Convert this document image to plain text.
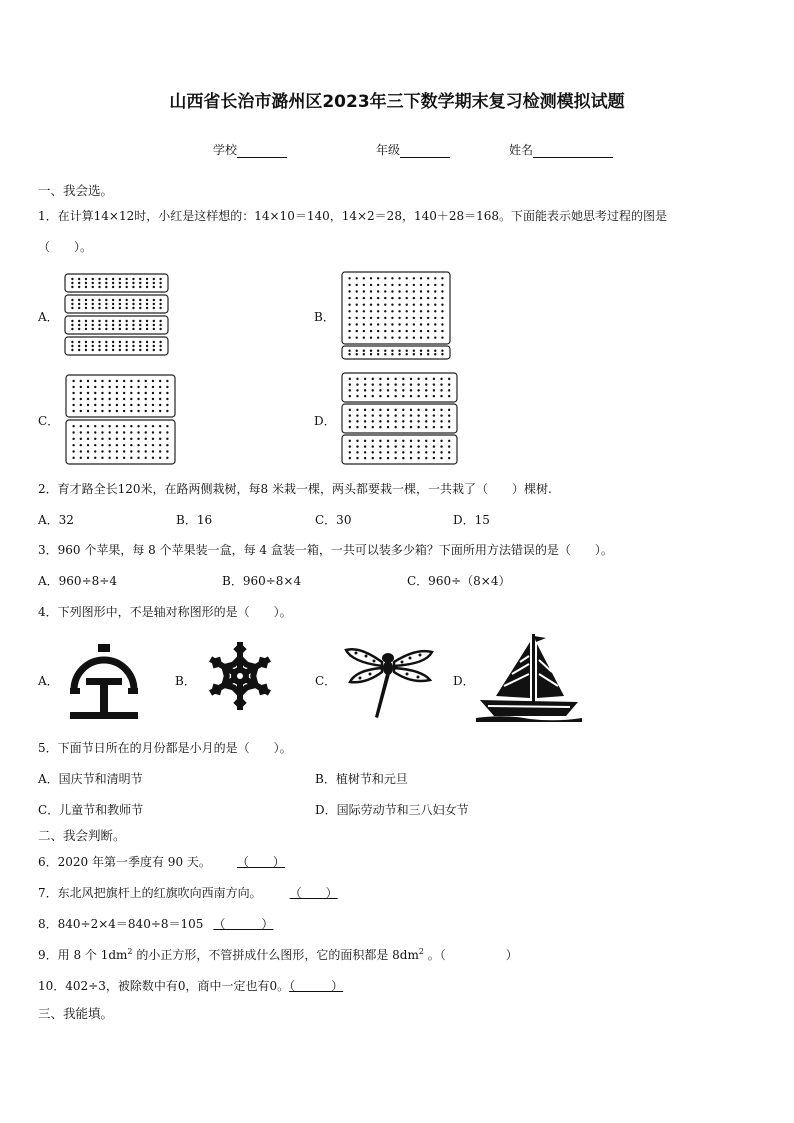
山西省长治市潞州区2023年三下数学期末复习检测模拟试题
学校	年级	姓名
一、我会选。
1．在计算14×12时，小红是这样想的：14×10＝140，14×2＝28，140＋28＝168。下面能表示她思考过程的图是
（　　）。
A．	B．
C．	D．
2．育才路全长120米，在路两侧栽树，每8 米栽一棵，两头都要栽一棵，一共栽了（　　）棵树.
A．32	B．16	C．30	D．15
3．960 个苹果，每 8 个苹果装一盒，每 4 盒装一箱，一共可以装多少箱？下面所用方法错误的是（　　）。
A．960÷8÷4	B．960÷8×4	C．960÷（8×4）
4．下列图形中，不是轴对称图形的是（　　）。
A．	B．	C．	D．
5．下面节日所在的月份都是小月的是（　　）。
A．国庆节和清明节	B．植树节和元旦
C．儿童节和教师节	D．国际劳动节和三八妇女节
二、我会判断。
6．2020 年第一季度有 90 天。 （　　）
7．东北风把旗杆上的红旗吹向西南方向。 （　　）
8．840÷2×4＝840÷8＝105 （　　　）
9．用 8 个 $1dm^2$ 的小正方形，不管拼成什么图形，它的面积都是 $8dm^2$ 。（　　　　　）
10．402÷3，被除数中有0，商中一定也有0。（　　　）
三、我能填。
